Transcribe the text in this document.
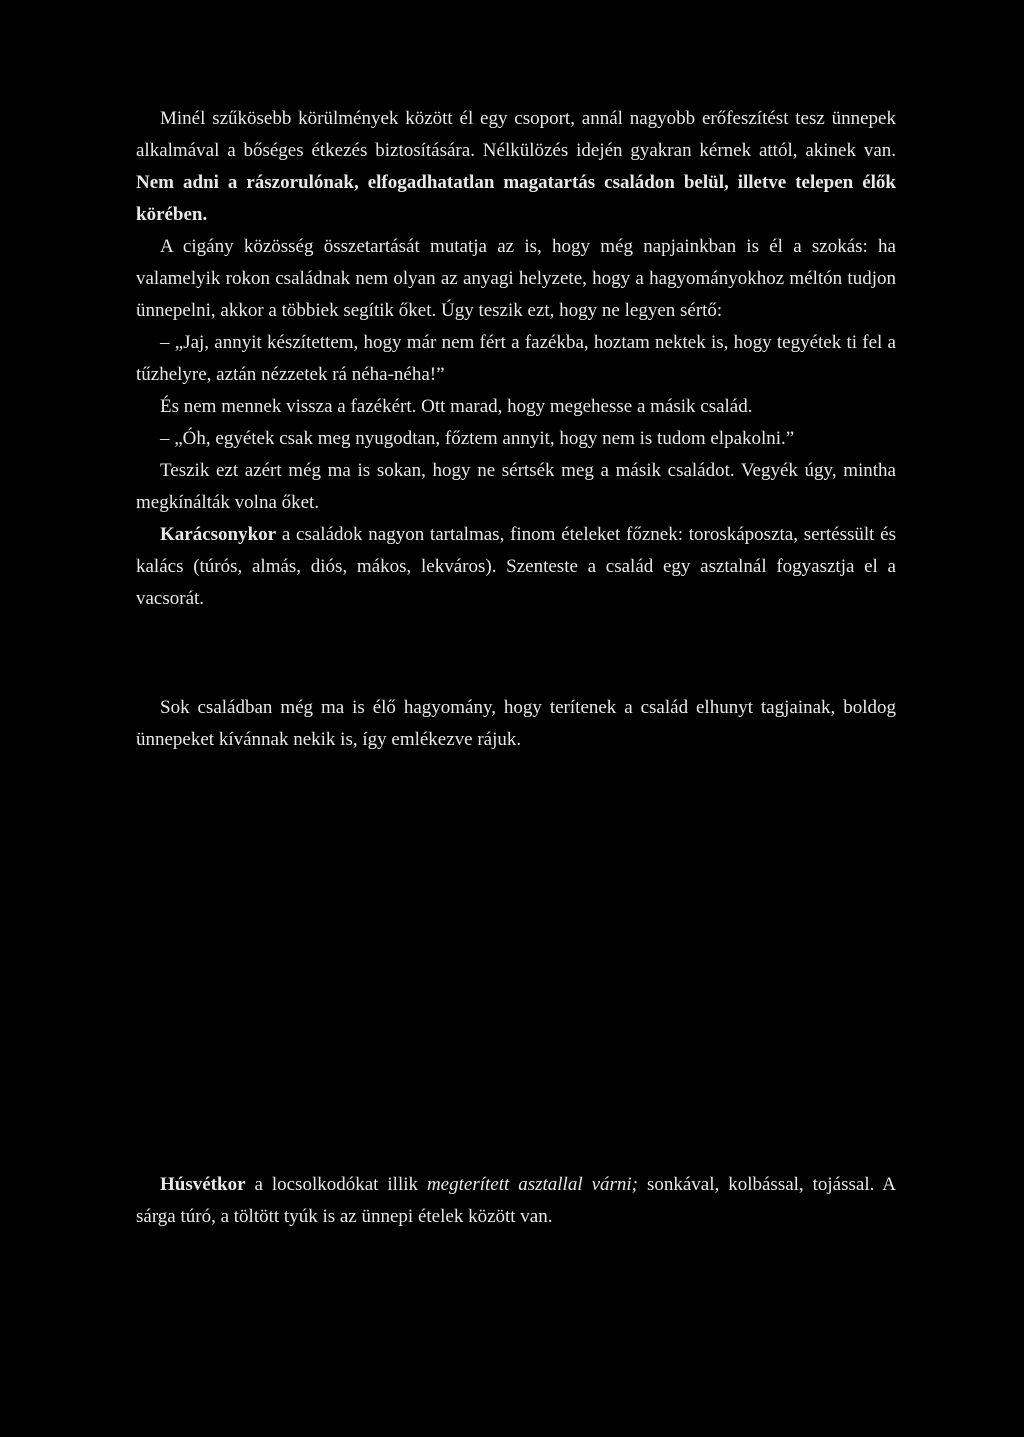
Minél szűkösebb körülmények között él egy csoport, annál nagyobb erőfeszítést tesz ünnepek alkalmával a bőséges étkezés biztosítására. Nélkülözés idején gyakran kérnek attól, akinek van. Nem adni a rászorulónak, elfogadhatatlan magatartás családon belül, illetve telepen élők körében.

A cigány közösség összetartását mutatja az is, hogy még napjainkban is él a szokás: ha valamelyik rokon családnak nem olyan az anyagi helyzete, hogy a hagyományokhoz méltón tudjon ünnepelni, akkor a többiek segítik őket. Úgy teszik ezt, hogy ne legyen sértő:

– „Jaj, annyit készítettem, hogy már nem fért a fazékba, hoztam nektek is, hogy tegyétek ti fel a tűzhelyre, aztán nézzetek rá néha-néha!”

És nem mennek vissza a fazékért. Ott marad, hogy megehesse a másik család.

– „Óh, egyétek csak meg nyugodtan, főztem annyit, hogy nem is tudom elpakolni.”

Teszik ezt azért még ma is sokan, hogy ne sértsék meg a másik családot. Vegyék úgy, mintha megkínálták volna őket.

Karácsonykor a családok nagyon tartalmas, finom ételeket főznek: toroskáposzta, sertéssült és kalács (túrós, almás, diós, mákos, lekváros). Szenteste a család egy asztalnál fogyasztja el a vacsorát.

Sok családban még ma is élő hagyomány, hogy terítenek a család elhunyt tagjainak, boldog ünnepeket kívánnak nekik is, így emlékezve rájuk.

Húsvétkor a locsolkodókat illik megterített asztallal várni; sonkával, kolbással, tojással. A sárga túró, a töltött tyúk is az ünnepi ételek között van.
